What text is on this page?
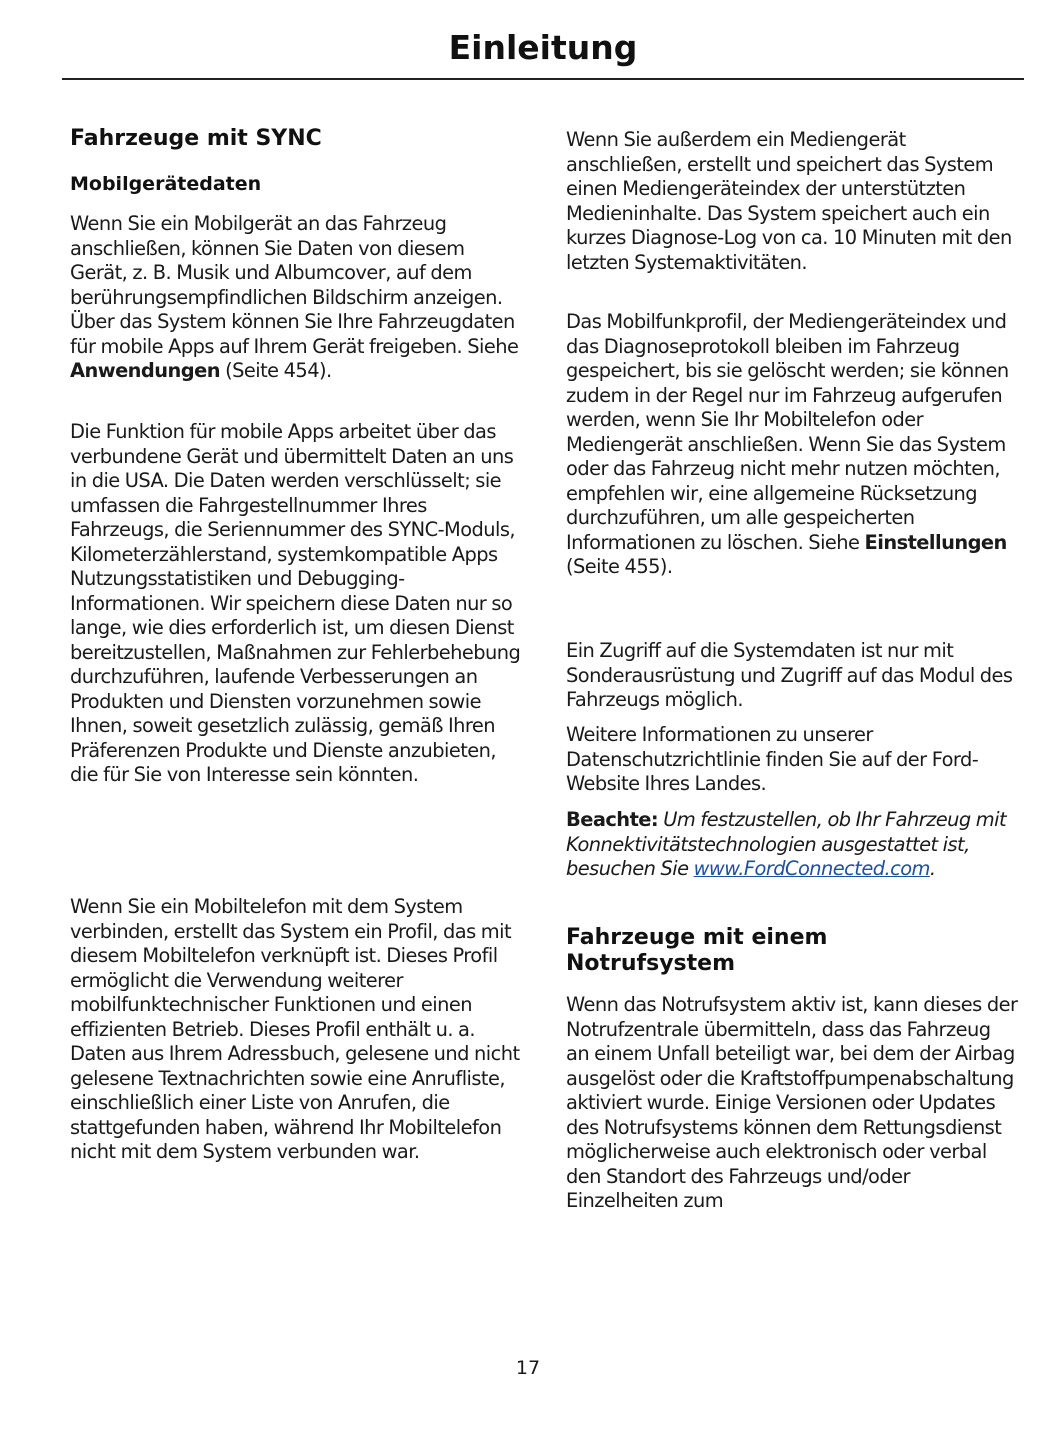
Einleitung
Fahrzeuge mit SYNC
Mobilgerätedaten

Wenn Sie ein Mobilgerät an das Fahrzeug anschließen, können Sie Daten von diesem Gerät, z. B. Musik und Albumcover, auf dem berührungsempfindlichen Bildschirm anzeigen. Über das System können Sie Ihre Fahrzeugdaten für mobile Apps auf Ihrem Gerät freigeben. Siehe Anwendungen (Seite 454).

Die Funktion für mobile Apps arbeitet über das verbundene Gerät und übermittelt Daten an uns in die USA. Die Daten werden verschlüsselt; sie umfassen die Fahrgestellnummer Ihres Fahrzeugs, die Seriennummer des SYNC-Moduls, Kilometerzählerstand, systemkompatible Apps Nutzungsstatistiken und Debugging-Informationen. Wir speichern diese Daten nur so lange, wie dies erforderlich ist, um diesen Dienst bereitzustellen, Maßnahmen zur Fehlerbehebung durchzuführen, laufende Verbesserungen an Produkten und Diensten vorzunehmen sowie Ihnen, soweit gesetzlich zulässig, gemäß Ihren Präferenzen Produkte und Dienste anzubieten, die für Sie von Interesse sein könnten.

Wenn Sie ein Mobiltelefon mit dem System verbinden, erstellt das System ein Profil, das mit diesem Mobiltelefon verknüpft ist. Dieses Profil ermöglicht die Verwendung weiterer mobilfunktechnischer Funktionen und einen effizienten Betrieb. Dieses Profil enthält u. a. Daten aus Ihrem Adressbuch, gelesene und nicht gelesene Textnachrichten sowie eine Anrufliste, einschließlich einer Liste von Anrufen, die stattgefunden haben, während Ihr Mobiltelefon nicht mit dem System verbunden war.

Wenn Sie außerdem ein Mediengerät anschließen, erstellt und speichert das System einen Mediengeräteindex der unterstützten Medieninhalte. Das System speichert auch ein kurzes Diagnose-Log von ca. 10 Minuten mit den letzten Systemaktivitäten.

Das Mobilfunkprofil, der Mediengeräteindex und das Diagnoseprotokoll bleiben im Fahrzeug gespeichert, bis sie gelöscht werden; sie können zudem in der Regel nur im Fahrzeug aufgerufen werden, wenn Sie Ihr Mobiltelefon oder Mediengerät anschließen. Wenn Sie das System oder das Fahrzeug nicht mehr nutzen möchten, empfehlen wir, eine allgemeine Rücksetzung durchzuführen, um alle gespeicherten Informationen zu löschen. Siehe Einstellungen (Seite 455).

Ein Zugriff auf die Systemdaten ist nur mit Sonderausrüstung und Zugriff auf das Modul des Fahrzeugs möglich.

Weitere Informationen zu unserer Datenschutzrichtlinie finden Sie auf der Ford-Website Ihres Landes.

Beachte: Um festzustellen, ob Ihr Fahrzeug mit Konnektivitätstechnologien ausgestattet ist, besuchen Sie www.FordConnected.com.

Fahrzeuge mit einem Notrufsystem

Wenn das Notrufsystem aktiv ist, kann dieses der Notrufzentrale übermitteln, dass das Fahrzeug an einem Unfall beteiligt war, bei dem der Airbag ausgelöst oder die Kraftstoffpumpenabschaltung aktiviert wurde. Einige Versionen oder Updates des Notrufsystems können dem Rettungsdienst möglicherweise auch elektronisch oder verbal den Standort des Fahrzeugs und/oder Einzelheiten zum

17
